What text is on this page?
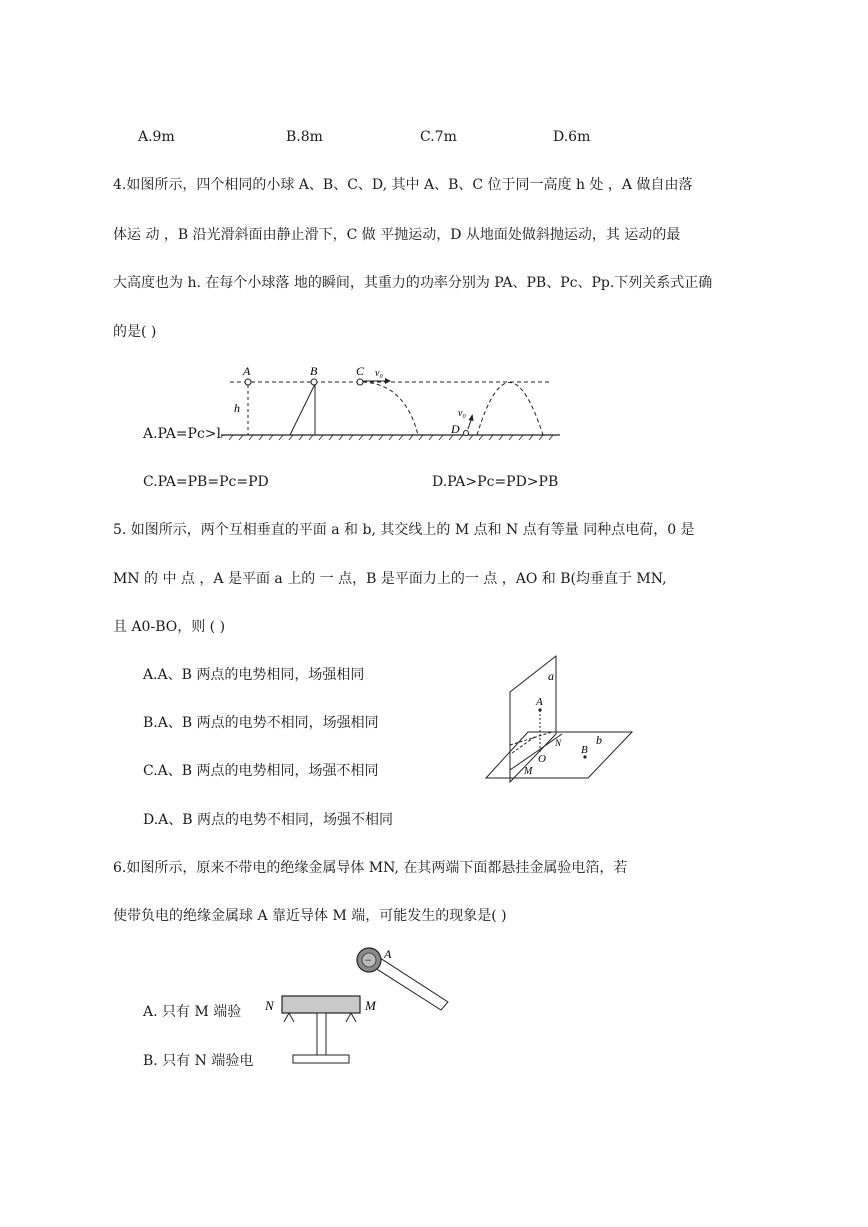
A.9m	B.8m	C.7m	D.6m
4.如图所示，四个相同的小球 A、B、C、D, 其中 A、B、C 位于同一高度 h 处 ，A 做自由落
体运 动 ，B 沿光滑斜面由静止滑下，C 做 平抛运动，D 从地面处做斜抛运动，其 运动的最
大高度也为 h. 在每个小球落 地的瞬间，其重力的功率分别为 PA、PB、Pc、Pp.下列关系式正确
的是( )
A
h
B	C v₀
D
v₀
A.PA=Pc>l
C.PA=PB=Pc=PD	D.PA>Pc=PD>PB
5. 如图所示，两个互相垂直的平面 a 和 b, 其交线上的 M 点和 N 点有等量 同种点电荷，0 是
MN 的 中 点 ，A 是平面 a 上的 一 点，B 是平面力上的一 点 ，AO 和 B(均垂直于 MN,
且 A0-BO，则 ( )
A.A、B 两点的电势相同，场强相同
B.A、B 两点的电势不相同，场强相同
C.A、B 两点的电势相同，场强不相同
D.A、B 两点的电势不相同，场强不相同
a
b
A
B
N
O
M
6.如图所示，原来不带电的绝缘金属导体 MN, 在其两端下面都悬挂金属验电箔，若
使带负电的绝缘金属球 A 靠近导体 M 端，可能发生的现象是( )
− A
N	M
A. 只有 M 端验
B. 只有 N 端验电
